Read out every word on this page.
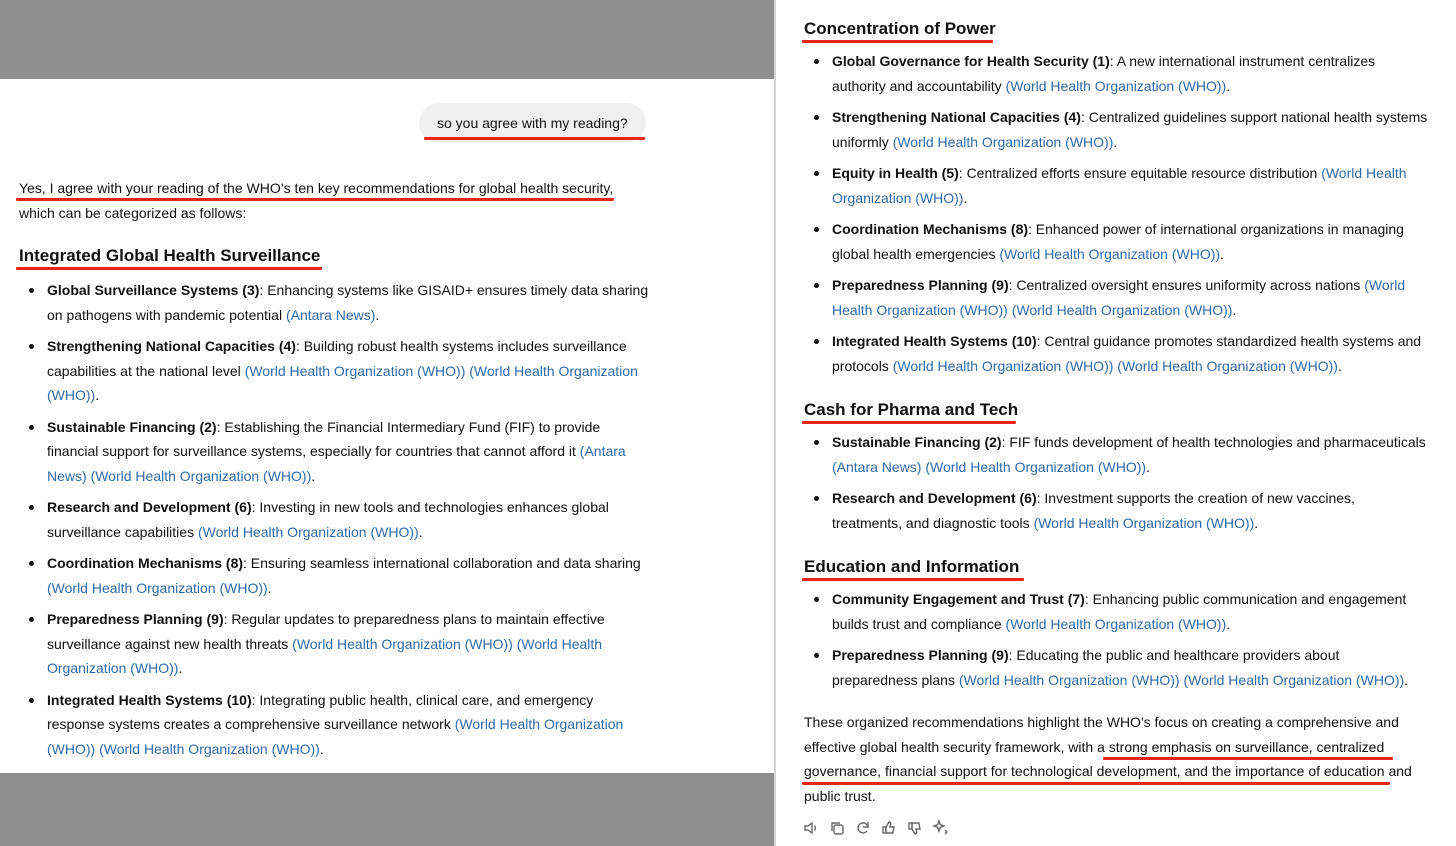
so you agree with my reading?
Yes, I agree with your reading of the WHO’s ten key recommendations for global health security,
which can be categorized as follows:
Integrated Global Health Surveillance
Global Surveillance Systems (3): Enhancing systems like GISAID+ ensures timely data sharing on pathogens with pandemic potential (Antara News).
Strengthening National Capacities (4): Building robust health systems includes surveillance capabilities at the national level (World Health Organization (WHO)) (World Health Organization (WHO)).
Sustainable Financing (2): Establishing the Financial Intermediary Fund (FIF) to provide financial support for surveillance systems, especially for countries that cannot afford it (Antara News) (World Health Organization (WHO)).
Research and Development (6): Investing in new tools and technologies enhances global surveillance capabilities (World Health Organization (WHO)).
Coordination Mechanisms (8): Ensuring seamless international collaboration and data sharing (World Health Organization (WHO)).
Preparedness Planning (9): Regular updates to preparedness plans to maintain effective surveillance against new health threats (World Health Organization (WHO)) (World Health Organization (WHO)).
Integrated Health Systems (10): Integrating public health, clinical care, and emergency response systems creates a comprehensive surveillance network (World Health Organization (WHO)) (World Health Organization (WHO)).
Concentration of Power
Global Governance for Health Security (1): A new international instrument centralizes authority and accountability (World Health Organization (WHO)).
Strengthening National Capacities (4): Centralized guidelines support national health systems uniformly (World Health Organization (WHO)).
Equity in Health (5): Centralized efforts ensure equitable resource distribution (World Health Organization (WHO)).
Coordination Mechanisms (8): Enhanced power of international organizations in managing global health emergencies (World Health Organization (WHO)).
Preparedness Planning (9): Centralized oversight ensures uniformity across nations (World Health Organization (WHO)) (World Health Organization (WHO)).
Integrated Health Systems (10): Central guidance promotes standardized health systems and protocols (World Health Organization (WHO)) (World Health Organization (WHO)).
Cash for Pharma and Tech
Sustainable Financing (2): FIF funds development of health technologies and pharmaceuticals (Antara News) (World Health Organization (WHO)).
Research and Development (6): Investment supports the creation of new vaccines, treatments, and diagnostic tools (World Health Organization (WHO)).
Education and Information
Community Engagement and Trust (7): Enhancing public communication and engagement builds trust and compliance (World Health Organization (WHO)).
Preparedness Planning (9): Educating the public and healthcare providers about preparedness plans (World Health Organization (WHO)) (World Health Organization (WHO)).
These organized recommendations highlight the WHO's focus on creating a comprehensive and effective global health security framework, with a strong emphasis on surveillance, centralized governance, financial support for technological development, and the importance of education and public trust.
